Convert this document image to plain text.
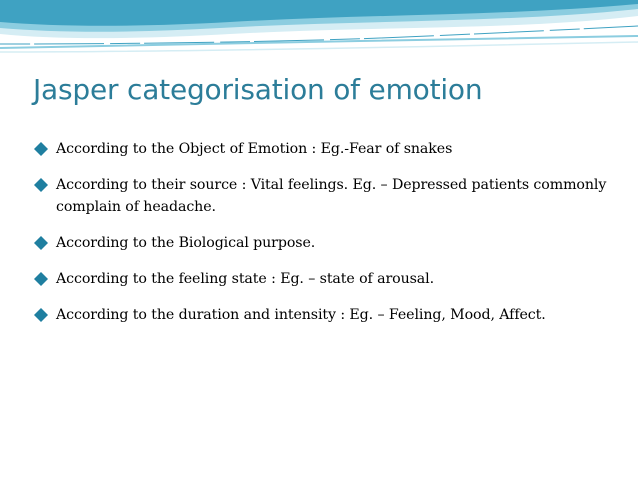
Jasper categorisation of emotion
According to the Object of Emotion : Eg.-Fear of snakes
According to their source : Vital feelings. Eg. – Depressed patients commonly complain of headache.
According to the Biological purpose.
According to the feeling state : Eg. – state of arousal.
According to the duration and intensity : Eg. – Feeling, Mood, Affect.
